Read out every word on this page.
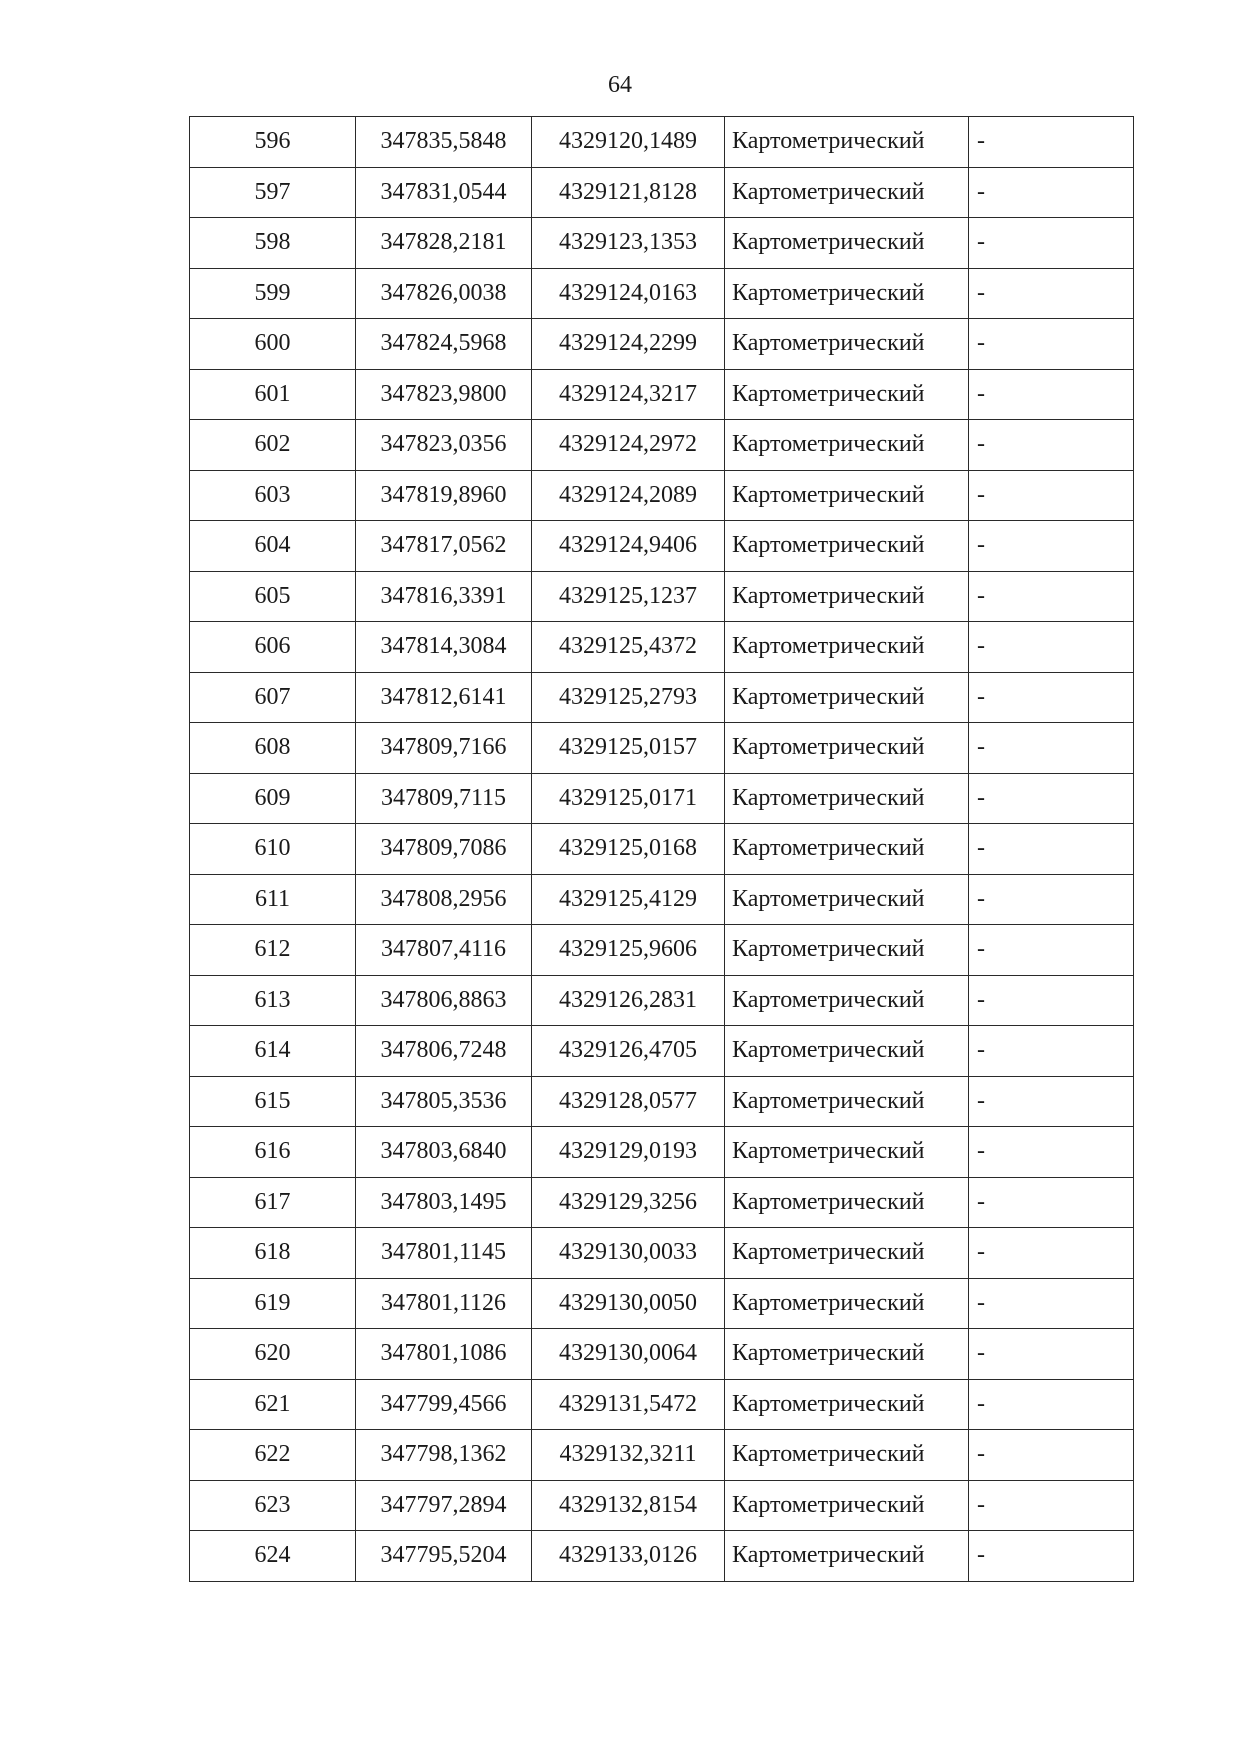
64
596	347835,5848	4329120,1489	Картометрический	-
597	347831,0544	4329121,8128	Картометрический	-
598	347828,2181	4329123,1353	Картометрический	-
599	347826,0038	4329124,0163	Картометрический	-
600	347824,5968	4329124,2299	Картометрический	-
601	347823,9800	4329124,3217	Картометрический	-
602	347823,0356	4329124,2972	Картометрический	-
603	347819,8960	4329124,2089	Картометрический	-
604	347817,0562	4329124,9406	Картометрический	-
605	347816,3391	4329125,1237	Картометрический	-
606	347814,3084	4329125,4372	Картометрический	-
607	347812,6141	4329125,2793	Картометрический	-
608	347809,7166	4329125,0157	Картометрический	-
609	347809,7115	4329125,0171	Картометрический	-
610	347809,7086	4329125,0168	Картометрический	-
611	347808,2956	4329125,4129	Картометрический	-
612	347807,4116	4329125,9606	Картометрический	-
613	347806,8863	4329126,2831	Картометрический	-
614	347806,7248	4329126,4705	Картометрический	-
615	347805,3536	4329128,0577	Картометрический	-
616	347803,6840	4329129,0193	Картометрический	-
617	347803,1495	4329129,3256	Картометрический	-
618	347801,1145	4329130,0033	Картометрический	-
619	347801,1126	4329130,0050	Картометрический	-
620	347801,1086	4329130,0064	Картометрический	-
621	347799,4566	4329131,5472	Картометрический	-
622	347798,1362	4329132,3211	Картометрический	-
623	347797,2894	4329132,8154	Картометрический	-
624	347795,5204	4329133,0126	Картометрический	-
